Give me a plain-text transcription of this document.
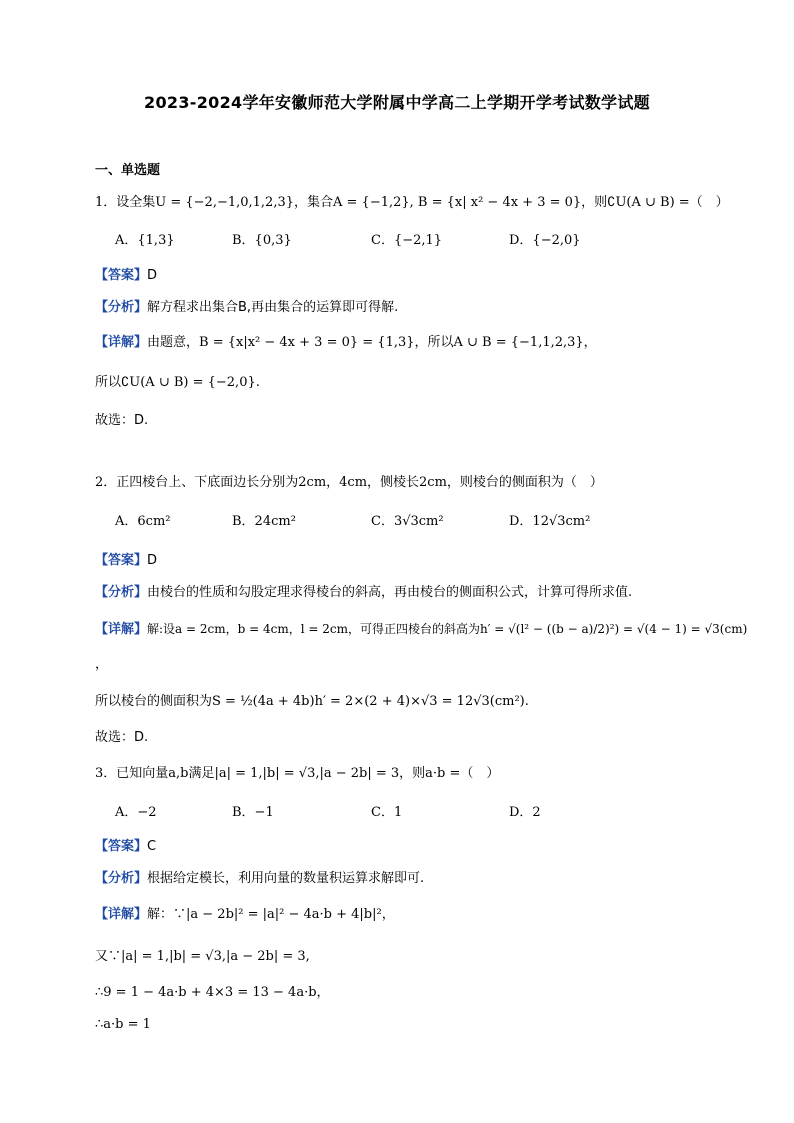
2023-2024学年安徽师范大学附属中学高二上学期开学考试数学试题
一、单选题
1．设全集U = {−2,−1,0,1,2,3}，集合A = {−1,2}, B = {x| x² − 4x + 3 = 0}，则∁U(A ∪ B) =（　）
A．{1,3}	B．{0,3}	C．{−2,1}	D．{−2,0}
【答案】D
【分析】解方程求出集合B,再由集合的运算即可得解.
【详解】由题意，B = {x|x² − 4x + 3 = 0} = {1,3}，所以A ∪ B = {−1,1,2,3}，
所以∁U(A ∪ B) = {−2,0}.
故选：D.
2．正四棱台上、下底面边长分别为2cm，4cm，侧棱长2cm，则棱台的侧面积为（　）
A．6cm²	B．24cm²	C．3√3cm²	D．12√3cm²
【答案】D
【分析】由棱台的性质和勾股定理求得棱台的斜高，再由棱台的侧面积公式，计算可得所求值.
【详解】解:设a = 2cm，b = 4cm，l = 2cm，可得正四棱台的斜高为h′ = √(l² − ((b − a)/2)²) = √(4 − 1) = √3(cm)
，
所以棱台的侧面积为S = ½(4a + 4b)h′ = 2×(2 + 4)×√3 = 12√3(cm²).
故选：D.
3．已知向量a,b满足|a| = 1,|b| = √3,|a − 2b| = 3，则a·b =（　）
A．−2	B．−1	C．1	D．2
【答案】C
【分析】根据给定模长，利用向量的数量积运算求解即可.
【详解】解：∵|a − 2b|² = |a|² − 4a·b + 4|b|²，
又∵|a| = 1,|b| = √3,|a − 2b| = 3,
∴9 = 1 − 4a·b + 4×3 = 13 − 4a·b，
∴a·b = 1
